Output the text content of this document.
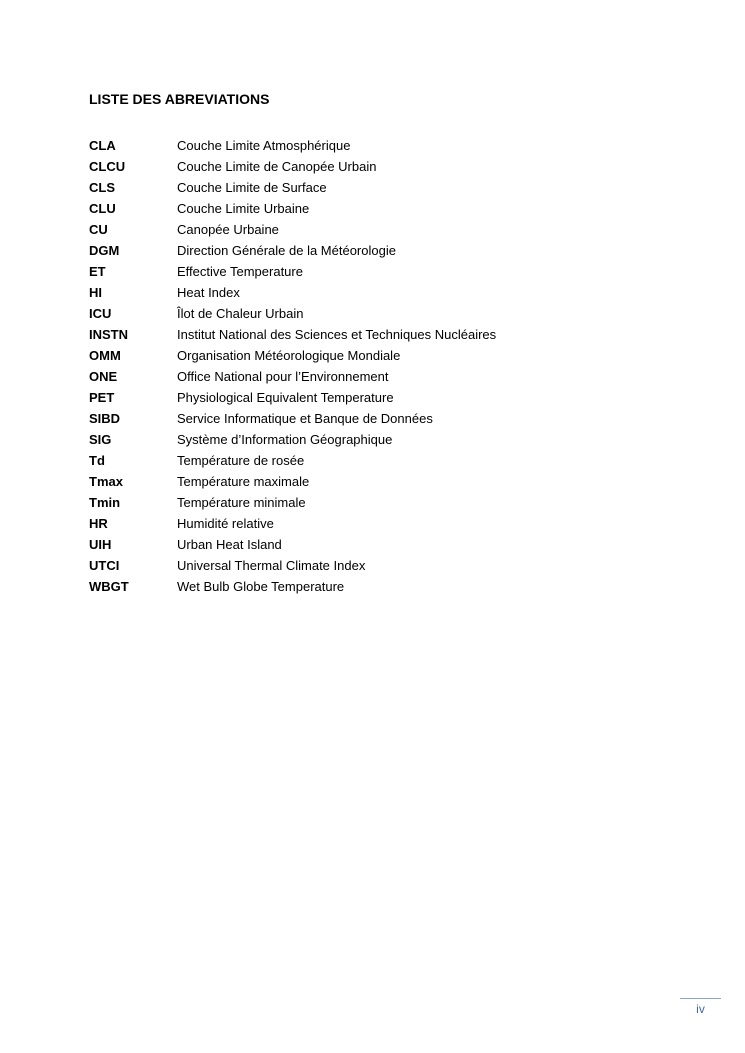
LISTE DES ABREVIATIONS
CLA	Couche Limite Atmosphérique
CLCU	Couche Limite de Canopée Urbain
CLS	Couche Limite de Surface
CLU	Couche Limite Urbaine
CU	Canopée Urbaine
DGM	Direction Générale de la Météorologie
ET	Effective Temperature
HI	Heat Index
ICU	Îlot de Chaleur Urbain
INSTN	Institut National des Sciences et Techniques Nucléaires
OMM	Organisation Météorologique Mondiale
ONE	Office National pour l’Environnement
PET	Physiological Equivalent Temperature
SIBD	Service Informatique et Banque de Données
SIG	Système d’Information Géographique
Td	Température de rosée
Tmax	Température maximale
Tmin	Température minimale
HR	Humidité relative
UIH	Urban Heat Island
UTCI	Universal Thermal Climate Index
WBGT	Wet Bulb Globe Temperature
iv
